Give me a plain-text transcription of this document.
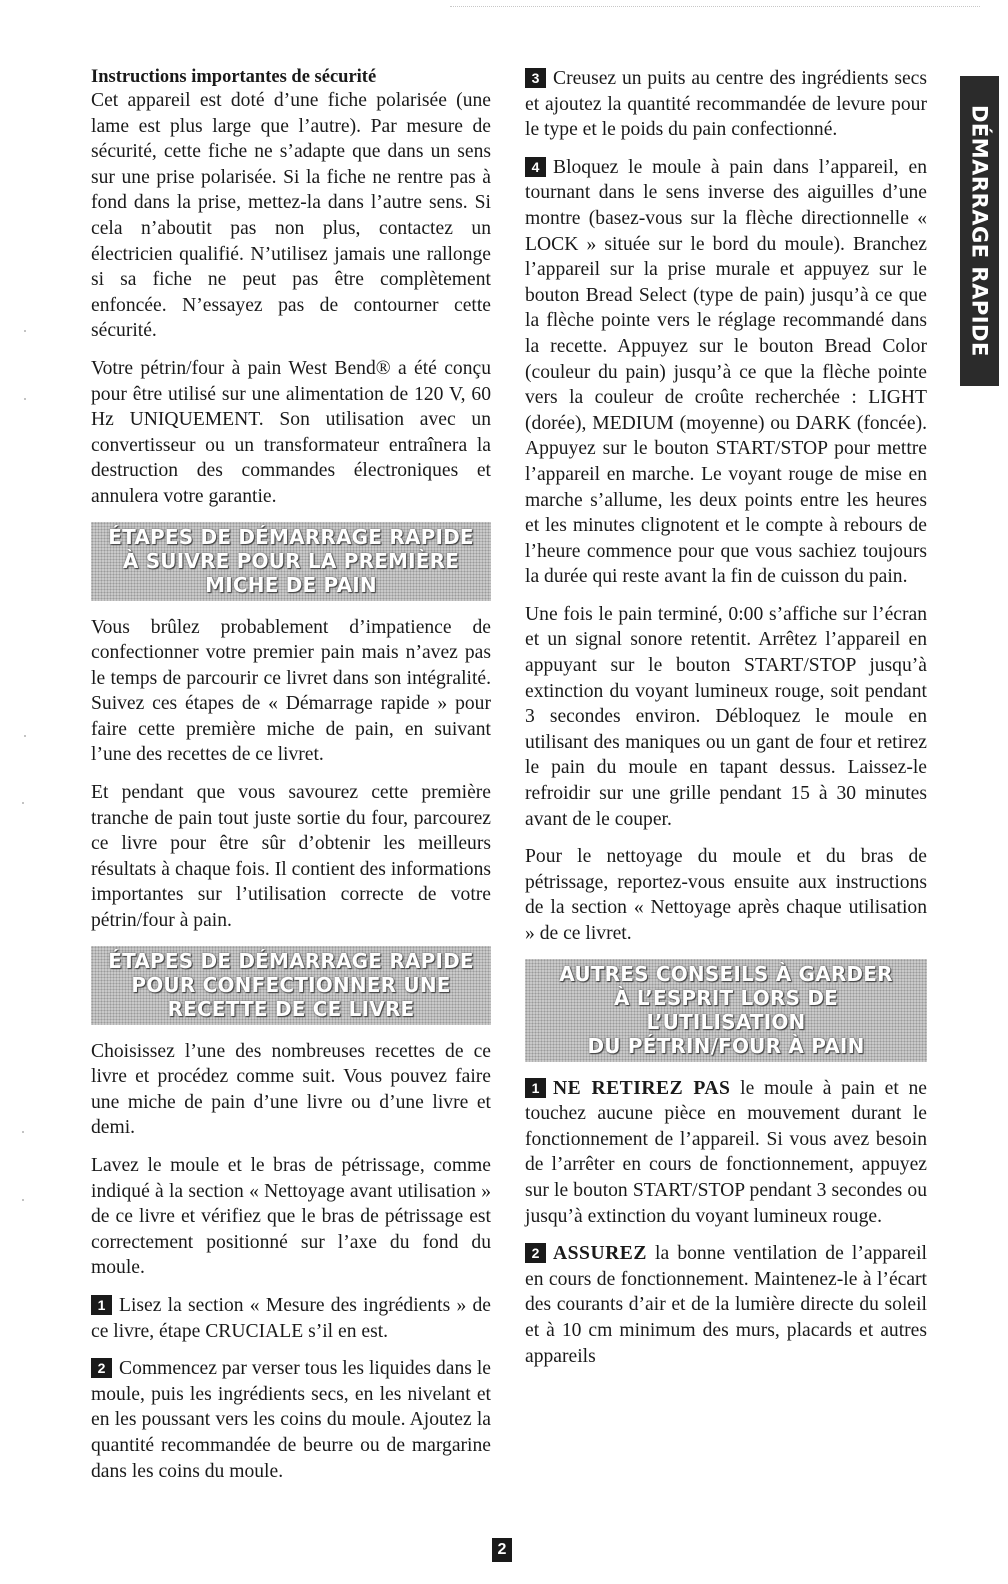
Instructions importantes de sécurité

Cet appareil est doté d’une fiche polarisée (une lame est plus large que l’autre). Par mesure de sécurité, cette fiche ne s’adapte que dans un sens sur une prise polarisée. Si la fiche ne rentre pas à fond dans la prise, mettez-la dans l’autre sens. Si cela n’aboutit pas non plus, contactez un électricien qualifié. N’utilisez jamais une rallonge si sa fiche ne peut pas être complètement enfoncée. N’essayez pas de contourner cette sécurité.

Votre pétrin/four à pain West Bend® a été conçu pour être utilisé sur une alimentation de 120 V, 60 Hz UNIQUEMENT. Son utilisation avec un convertisseur ou un transformateur entraînera la destruction des commandes électroniques et annulera votre garantie.

ÉTAPES DE DÉMARRAGE RAPIDE
À SUIVRE POUR LA PREMIÈRE
MICHE DE PAIN

Vous brûlez probablement d’impatience de confectionner votre premier pain mais n’avez pas le temps de parcourir ce livret dans son intégralité. Suivez ces étapes de « Démarrage rapide » pour faire cette première miche de pain, en suivant l’une des recettes de ce livret.

Et pendant que vous savourez cette première tranche de pain tout juste sortie du four, parcourez ce livre pour être sûr d’obtenir les meilleurs résultats à chaque fois. Il contient des informations importantes sur l’utilisation correcte de votre pétrin/four à pain.

ÉTAPES DE DÉMARRAGE RAPIDE
POUR CONFECTIONNER UNE
RECETTE DE CE LIVRE

Choisissez l’une des nombreuses recettes de ce livre et procédez comme suit. Vous pouvez faire une miche de pain d’une livre ou d’une livre et demi.

Lavez le moule et le bras de pétrissage, comme indiqué à la section « Nettoyage avant utilisation » de ce livre et vérifiez que le bras de pétrissage est correctement positionné sur l’axe du fond du moule.

1 Lisez la section « Mesure des ingrédients » de ce livre, étape CRUCIALE s’il en est.

2 Commencez par verser tous les liquides dans le moule, puis les ingrédients secs, en les nivelant et en les poussant vers les coins du moule. Ajoutez la quantité recommandée de beurre ou de margarine dans les coins du moule.

3 Creusez un puits au centre des ingrédients secs et ajoutez la quantité recommandée de levure pour le type et le poids du pain confectionné.

4 Bloquez le moule à pain dans l’appareil, en tournant dans le sens inverse des aiguilles d’une montre (basez-vous sur la flèche directionnelle « LOCK » située sur le bord du moule). Branchez l’appareil sur la prise murale et appuyez sur le bouton Bread Select (type de pain) jusqu’à ce que la flèche pointe vers le réglage recommandé dans la recette. Appuyez sur le bouton Bread Color (couleur du pain) jusqu’à ce que la flèche pointe vers la couleur de croûte recherchée : LIGHT (dorée), MEDIUM (moyenne) ou DARK (foncée). Appuyez sur le bouton START/STOP pour mettre l’appareil en marche. Le voyant rouge de mise en marche s’allume, les deux points entre les heures et les minutes clignotent et le compte à rebours de l’heure commence pour que vous sachiez toujours la durée qui reste avant la fin de cuisson du pain.

Une fois le pain terminé, 0:00 s’affiche sur l’écran et un signal sonore retentit. Arrêtez l’appareil en appuyant sur le bouton START/STOP jusqu’à extinction du voyant lumineux rouge, soit pendant 3 secondes environ. Débloquez le moule en utilisant des maniques ou un gant de four et retirez le pain du moule en tapant dessus. Laissez-le refroidir sur une grille pendant 15 à 30 minutes avant de le couper.

Pour le nettoyage du moule et du bras de pétrissage, reportez-vous ensuite aux instructions de la section « Nettoyage après chaque utilisation » de ce livret.

AUTRES CONSEILS À GARDER
À L’ESPRIT LORS DE L’UTILISATION
DU PÉTRIN/FOUR À PAIN

1 NE RETIREZ PAS le moule à pain et ne touchez aucune pièce en mouvement durant le fonctionnement de l’appareil. Si vous avez besoin de l’arrêter en cours de fonctionnement, appuyez sur le bouton START/STOP pendant 3 secondes ou jusqu’à extinction du voyant lumineux rouge.

2 ASSUREZ la bonne ventilation de l’appareil en cours de fonctionnement. Maintenez-le à l’écart des courants d’air et de la lumière directe du soleil et à 10 cm minimum des murs, placards et autres appareils

DÉMARRAGE RAPIDE
2
